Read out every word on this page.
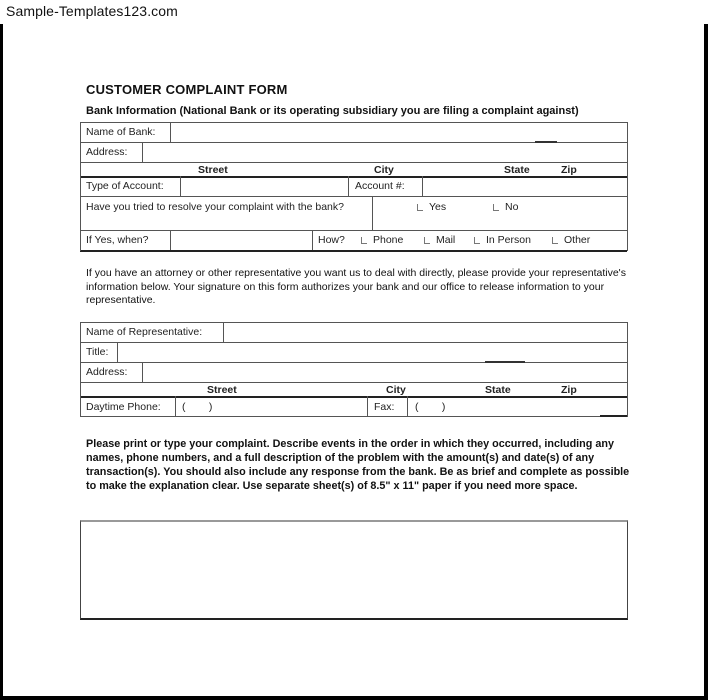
Sample-Templates123.com
CUSTOMER COMPLAINT FORM
Bank Information (National Bank or its operating subsidiary you are filing a complaint against)
Name of Bank:
Address:
Street	City	State	Zip
Type of Account:	Account #:
Have you tried to resolve your complaint with the bank?	Yes	No
If Yes, when?	How?	Phone	Mail	In Person	Other
If you have an attorney or other representative you want us to deal with directly, please provide your representative's information below. Your signature on this form authorizes your bank and our office to release information to your representative.
Name of Representative:
Title:
Address:
Street	City	State	Zip
Daytime Phone: (        )	Fax: (        )
Please print or type your complaint. Describe events in the order in which they occurred, including any names, phone numbers, and a full description of the problem with the amount(s) and date(s) of any transaction(s). You should also include any response from the bank. Be as brief and complete as possible to make the explanation clear. Use separate sheet(s) of 8.5" x 11" paper if you need more space.
